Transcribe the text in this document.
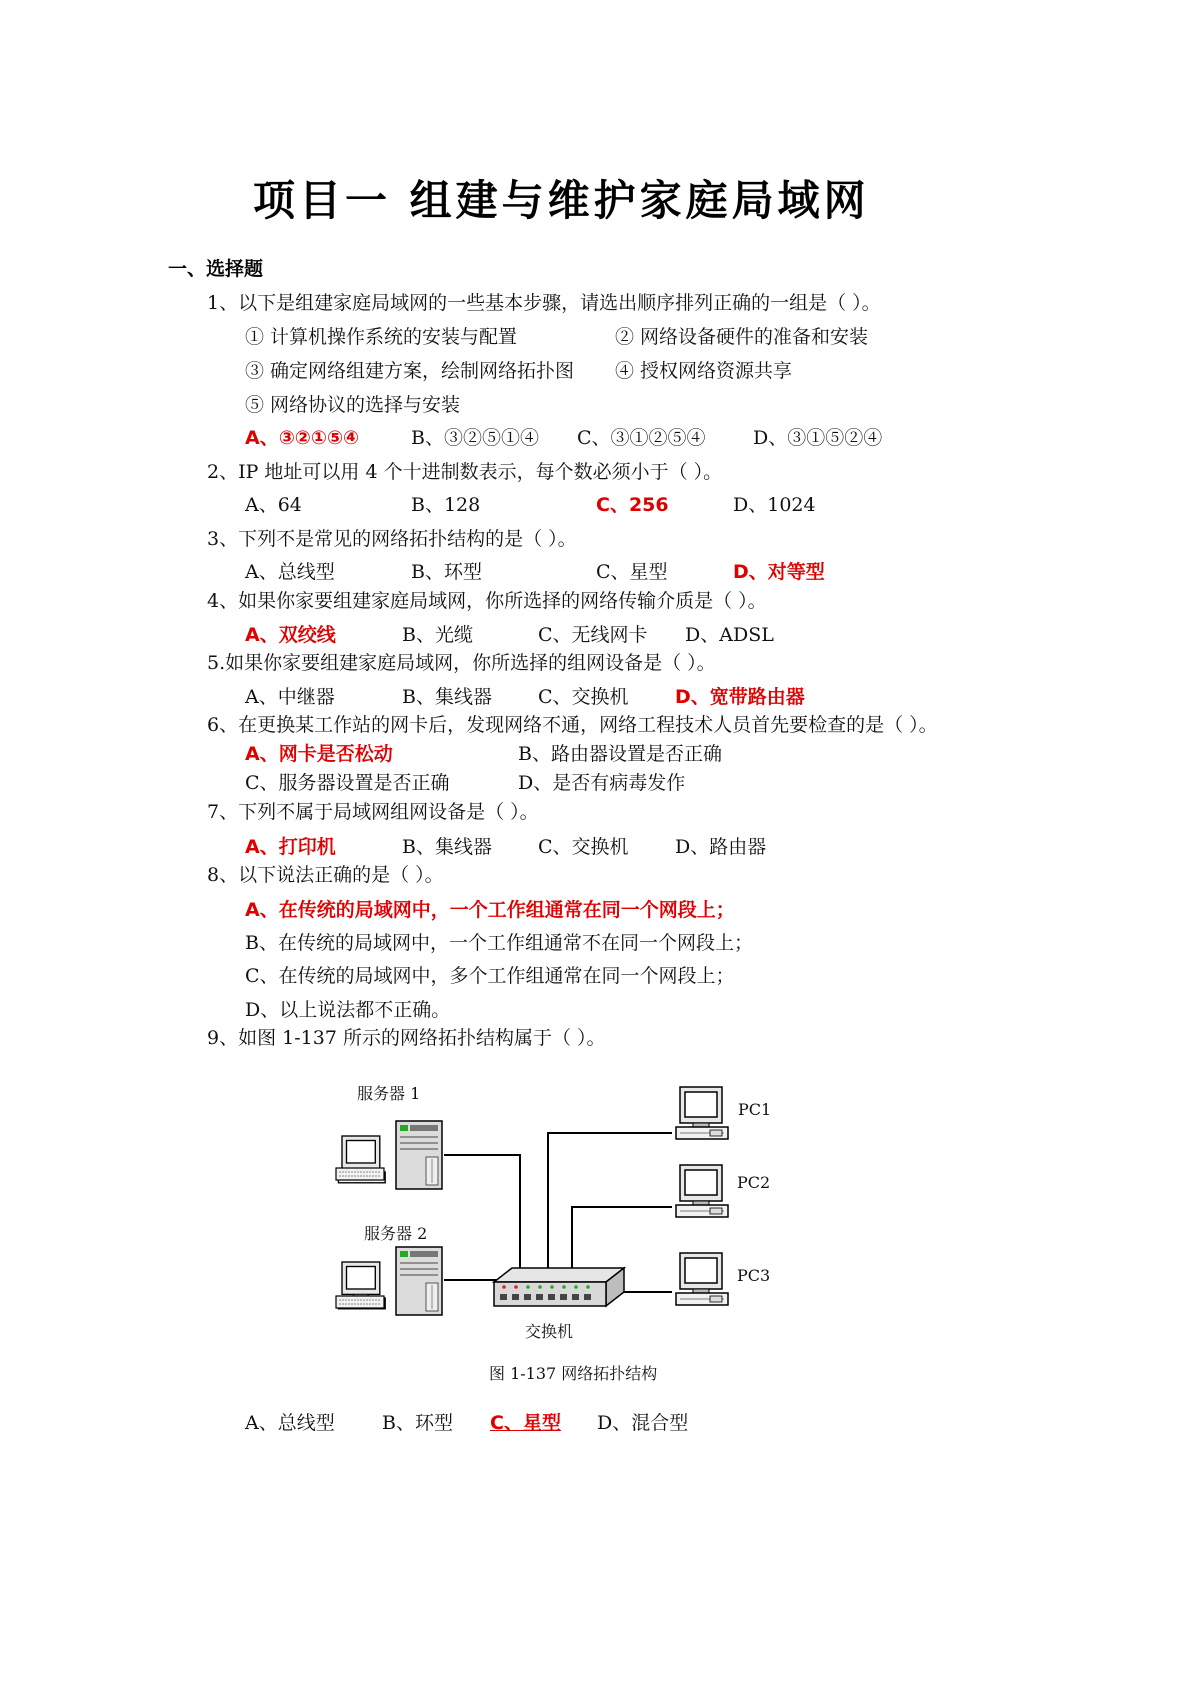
项目一 组建与维护家庭局域网
一、选择题
1、以下是组建家庭局域网的一些基本步骤，请选出顺序排列正确的一组是（ ）。
① 计算机操作系统的安装与配置	② 网络设备硬件的准备和安装
③ 确定网络组建方案，绘制网络拓扑图 ④ 授权网络资源共享
⑤ 网络协议的选择与安装
A、③②①⑤④	B、③②⑤①④ C、③①②⑤④ D、③①⑤②④
2、IP 地址可以用 4 个十进制数表示，每个数必须小于（ ）。
A、64	B、128	C、256	D、1024
3、下列不是常见的网络拓扑结构的是（ ）。
A、总线型	B、环型	C、星型	D、对等型
4、如果你家要组建家庭局域网，你所选择的网络传输介质是（ ）。
A、双绞线	B、光缆	C、无线网卡 D、ADSL
5.如果你家要组建家庭局域网，你所选择的组网设备是（ ）。
A、中继器	B、集线器 C、交换机 D、宽带路由器
6、在更换某工作站的网卡后，发现网络不通，网络工程技术人员首先要检查的是（ ）。
A、网卡是否松动	B、路由器设置是否正确
C、服务器设置是否正确	D、是否有病毒发作
7、下列不属于局域网组网设备是（ ）。
A、打印机	B、集线器 C、交换机 D、路由器
8、以下说法正确的是（ ）。
A、在传统的局域网中，一个工作组通常在同一个网段上；
B、在传统的局域网中，一个工作组通常不在同一个网段上；
C、在传统的局域网中，多个工作组通常在同一个网段上；
D、以上说法都不正确。
9、如图 1-137 所示的网络拓扑结构属于（ ）。
服务器 1
服务器 2
PC1
PC2
PC3
交换机
图 1-137 网络拓扑结构
A、总线型 B、环型 C、星型 D、混合型
